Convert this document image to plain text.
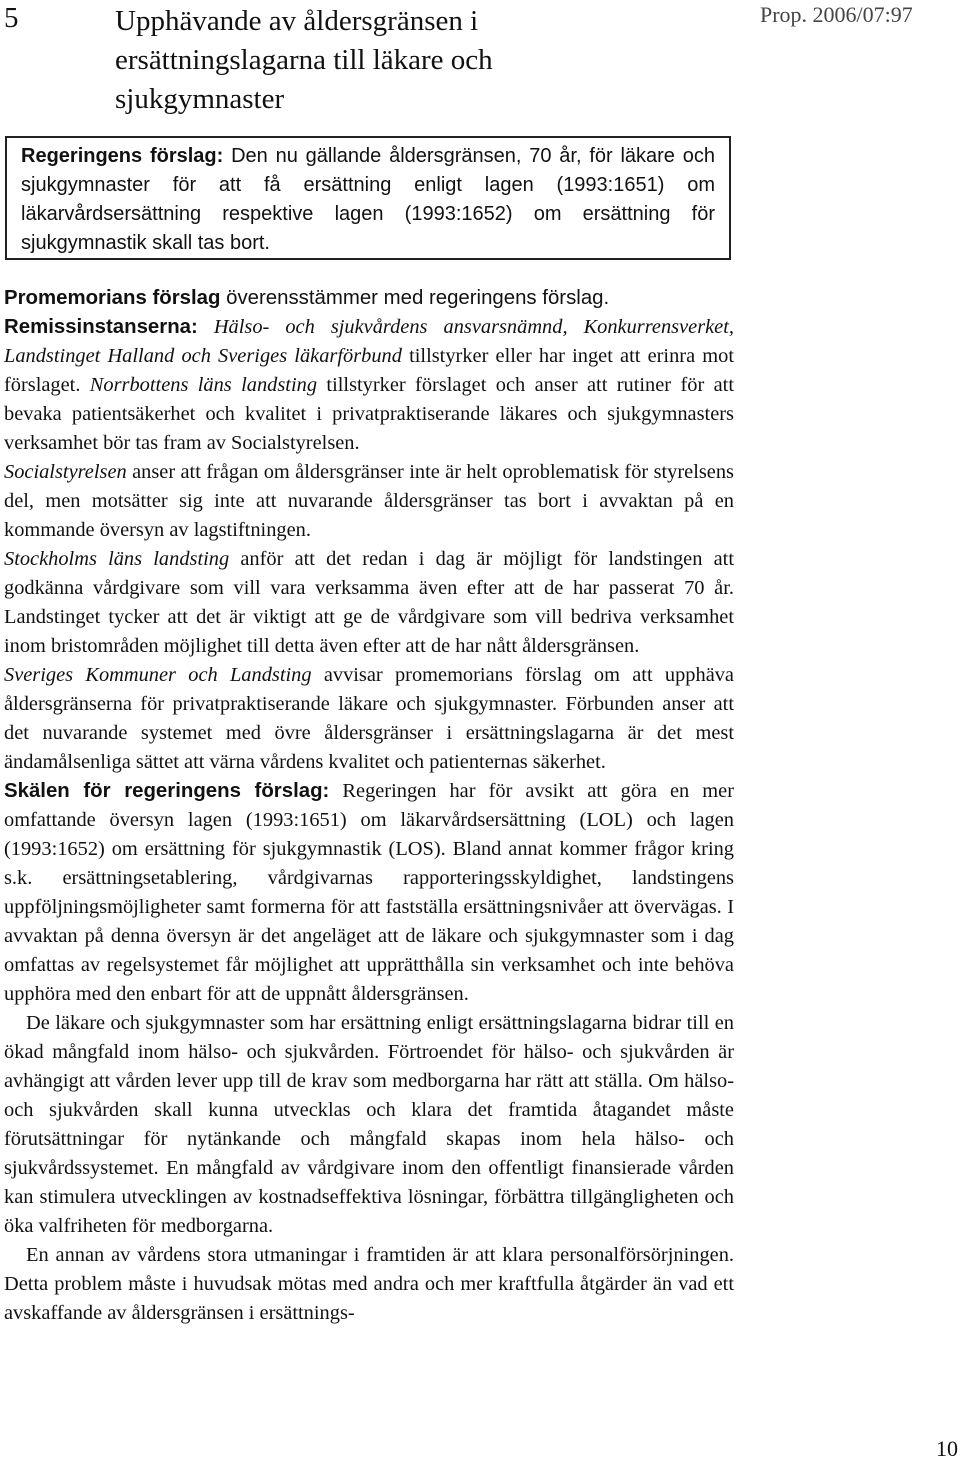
5	Upphävande av åldersgränsen i ersättningslagarna till läkare och sjukgymnaster
Prop. 2006/07:97
Regeringens förslag: Den nu gällande åldersgränsen, 70 år, för läkare och sjukgymnaster för att få ersättning enligt lagen (1993:1651) om läkarvårdsersättning respektive lagen (1993:1652) om ersättning för sjukgymnastik skall tas bort.

Promemorians förslag överensstämmer med regeringens förslag.

Remissinstanserna: Hälso- och sjukvårdens ansvarsnämnd, Konkurrensverket, Landstinget Halland och Sveriges läkarförbund tillstyrker eller har inget att erinra mot förslaget. Norrbottens läns landsting tillstyrker förslaget och anser att rutiner för att bevaka patientsäkerhet och kvalitet i privatpraktiserande läkares och sjukgymnasters verksamhet bör tas fram av Socialstyrelsen.

Socialstyrelsen anser att frågan om åldersgränser inte är helt oproblematisk för styrelsens del, men motsätter sig inte att nuvarande åldersgränser tas bort i avvaktan på en kommande översyn av lagstiftningen.

Stockholms läns landsting anför att det redan i dag är möjligt för landstingen att godkänna vårdgivare som vill vara verksamma även efter att de har passerat 70 år. Landstinget tycker att det är viktigt att ge de vårdgivare som vill bedriva verksamhet inom bristområden möjlighet till detta även efter att de har nått åldersgränsen.

Sveriges Kommuner och Landsting avvisar promemorians förslag om att upphäva åldersgränserna för privatpraktiserande läkare och sjukgymnaster. Förbunden anser att det nuvarande systemet med övre åldersgränser i ersättningslagarna är det mest ändamålsenliga sättet att värna vårdens kvalitet och patienternas säkerhet.

Skälen för regeringens förslag: Regeringen har för avsikt att göra en mer omfattande översyn lagen (1993:1651) om läkarvårdsersättning (LOL) och lagen (1993:1652) om ersättning för sjukgymnastik (LOS). Bland annat kommer frågor kring s.k. ersättningsetablering, vårdgivarnas rapporteringsskyldighet, landstingens uppföljningsmöjligheter samt formerna för att fastställa ersättningsnivåer att övervägas. I avvaktan på denna översyn är det angeläget att de läkare och sjukgymnaster som i dag omfattas av regelsystemet får möjlighet att upprätthålla sin verksamhet och inte behöva upphöra med den enbart för att de uppnått åldersgränsen.

De läkare och sjukgymnaster som har ersättning enligt ersättningslagarna bidrar till en ökad mångfald inom hälso- och sjukvården. Förtroendet för hälso- och sjukvården är avhängigt att vården lever upp till de krav som medborgarna har rätt att ställa. Om hälso- och sjukvården skall kunna utvecklas och klara det framtida åtagandet måste förutsättningar för nytänkande och mångfald skapas inom hela hälso- och sjukvårdssystemet. En mångfald av vårdgivare inom den offentligt finansierade vården kan stimulera utvecklingen av kostnadseffektiva lösningar, förbättra tillgängligheten och öka valfriheten för medborgarna.

En annan av vårdens stora utmaningar i framtiden är att klara personalförsörjningen. Detta problem måste i huvudsak mötas med andra och mer kraftfulla åtgärder än vad ett avskaffande av åldersgränsen i ersättnings-

10
